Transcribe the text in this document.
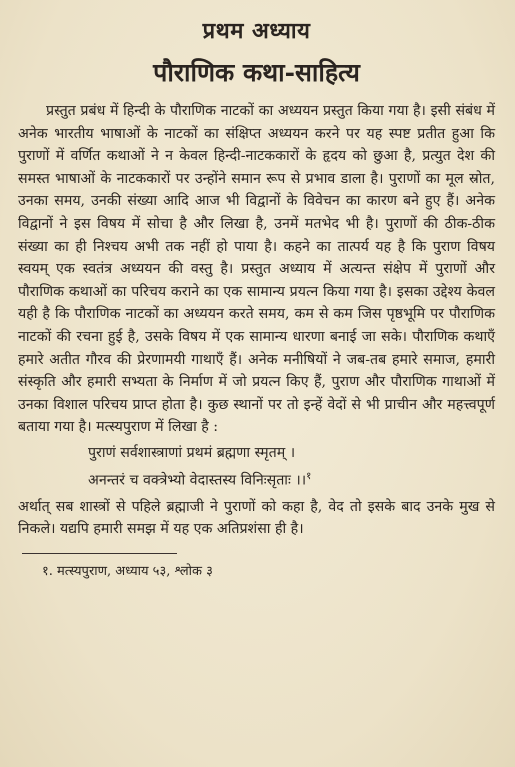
प्रथम अध्याय
पौराणिक कथा-साहित्य

प्रस्तुत प्रबंध में हिन्दी के पौराणिक नाटकों का अध्ययन प्रस्तुत किया गया है। इसी संबंध में अनेक भारतीय भाषाओं के नाटकों का संक्षिप्त अध्ययन करने पर यह स्पष्ट प्रतीत हुआ कि पुराणों में वर्णित कथाओं ने न केवल हिन्दी-नाटककारों के हृदय को छुआ है, प्रत्युत देश की समस्त भाषाओं के नाटककारों पर उन्होंने समान रूप से प्रभाव डाला है। पुराणों का मूल स्रोत, उनका समय, उनकी संख्या आदि आज भी विद्वानों के विवेचन का कारण बने हुए हैं। अनेक विद्वानों ने इस विषय में सोचा है और लिखा है, उनमें मतभेद भी है। पुराणों की ठीक-ठीक संख्या का ही निश्चय अभी तक नहीं हो पाया है। कहने का तात्पर्य यह है कि पुराण विषय स्वयम् एक स्वतंत्र अध्ययन की वस्तु है। प्रस्तुत अध्याय में अत्यन्त संक्षेप में पुराणों और पौराणिक कथाओं का परिचय कराने का एक सामान्य प्रयत्न किया गया है। इसका उद्देश्य केवल यही है कि पौराणिक नाटकों का अध्ययन करते समय, कम से कम जिस पृष्ठभूमि पर पौराणिक नाटकों की रचना हुई है, उसके विषय में एक सामान्य धारणा बनाई जा सके। पौराणिक कथाएँ हमारे अतीत गौरव की प्रेरणामयी गाथाएँ हैं। अनेक मनीषियों ने जब-तब हमारे समाज, हमारी संस्कृति और हमारी सभ्यता के निर्माण में जो प्रयत्न किए हैं, पुराण और पौराणिक गाथाओं में उनका विशाल परिचय प्राप्त होता है। कुछ स्थानों पर तो इन्हें वेदों से भी प्राचीन और महत्त्वपूर्ण बताया गया है। मत्स्यपुराण में लिखा है :

पुराणं सर्वशास्त्राणां प्रथमं ब्रह्मणा स्मृतम् ।
अनन्तरं च वक्त्रेभ्यो वेदास्तस्य विनिःसृताः ।।$^१$

अर्थात् सब शास्त्रों से पहिले ब्रह्माजी ने पुराणों को कहा है, वेद तो इसके बाद उनके मुख से निकले। यद्यपि हमारी समझ में यह एक अतिप्रशंसा ही है।

१. मत्स्यपुराण, अध्याय ५३, श्लोक ३
